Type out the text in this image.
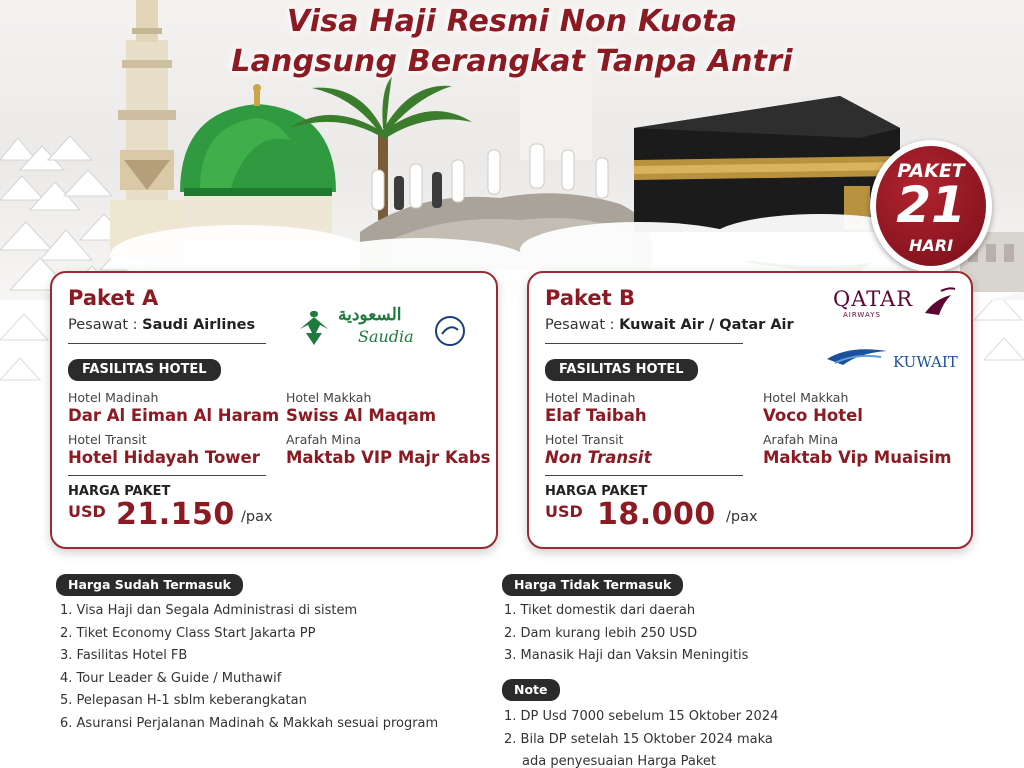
Visa Haji Resmi Non Kuota
Langsung Berangkat Tanpa Antri
PAKET
21
HARI
Paket A
Pesawat : Saudi Airlines	السعودية
Saudia
FASILITAS HOTEL
Hotel Madinah
Dar Al Eiman Al Haram
Hotel Makkah
Swiss Al Maqam
Hotel Transit
Hotel Hidayah Tower
Arafah Mina
Maktab VIP Majr Kabs
HARGA PAKET
USD 21.150 /pax
Paket B
Pesawat : Kuwait Air / Qatar Air
QATAR
AIRWAYS
KUWAIT
FASILITAS HOTEL
Hotel Madinah
Elaf Taibah
Hotel Makkah
Voco Hotel
Hotel Transit
Non Transit
Arafah Mina
Maktab Vip Muaisim
HARGA PAKET
USD 18.000 /pax
Harga Sudah Termasuk
1. Visa Haji dan Segala Administrasi di sistem
2. Tiket Economy Class Start Jakarta PP
3. Fasilitas Hotel FB
4. Tour Leader & Guide / Muthawif
5. Pelepasan H-1 sblm keberangkatan
6. Asuransi Perjalanan Madinah & Makkah sesuai program
Harga Tidak Termasuk
1. Tiket domestik dari daerah
2. Dam kurang lebih 250 USD
3. Manasik Haji dan Vaksin Meningitis
Note
1. DP Usd 7000 sebelum 15 Oktober 2024
2. Bila DP setelah 15 Oktober 2024 maka
ada penyesuaian Harga Paket
